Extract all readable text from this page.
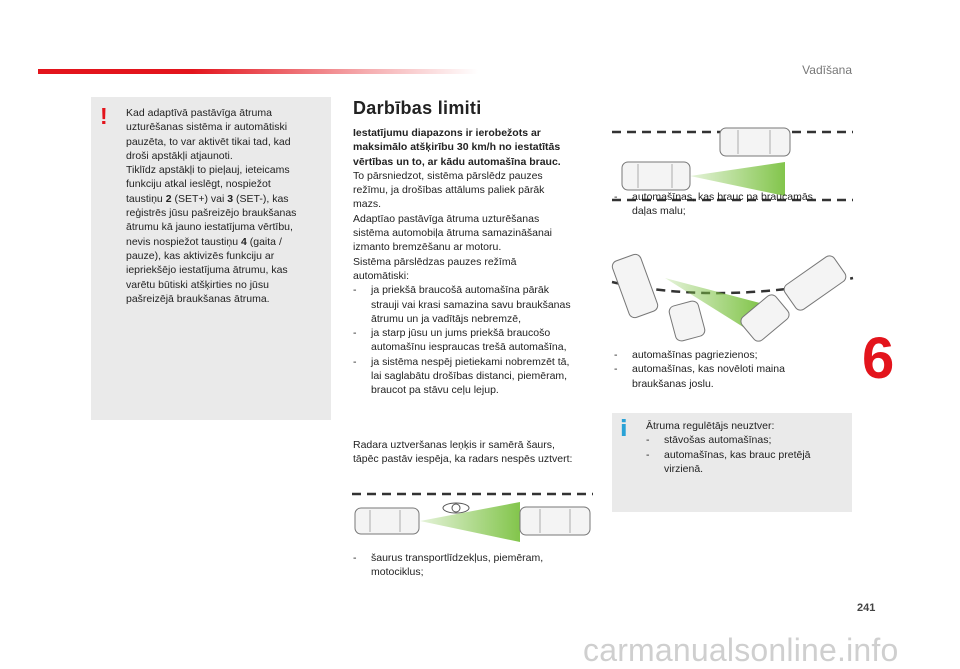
Vadīšana
! Kad adaptīvā pastāvīga ātruma
uzturēšanas sistēma ir automātiski
pauzēta, to var aktivēt tikai tad, kad
droši apstākļi atjaunoti.
Tiklīdz apstākļi to pieļauj, ieteicams
funkciju atkal ieslēgt, nospiežot
taustiņu 2 (SET+) vai 3 (SET-), kas
reģistrēs jūsu pašreizējo braukšanas
ātrumu kā jauno iestatījuma vērtību,
nevis nospiežot taustiņu 4 (gaita /
pauze), kas aktivizēs funkciju ar
iepriekšējo iestatījuma ātrumu, kas
varētu būtiski atšķirties no jūsu
pašreizējā braukšanas ātruma.
Darbības limiti

Iestatījumu diapazons ir ierobežots ar
maksimālo atšķirību 30 km/h no iestatītās
vērtības un to, ar kādu automašīna brauc.

To pārsniedzot, sistēma pārslēdz pauzes
režīmu, ja drošības attālums paliek pārāk
mazs.
Adaptīao pastāvīga ātruma uzturēšanas
sistēma automobiļa ātruma samazināšanai
izmanto bremzēšanu ar motoru.
Sistēma pārslēdzas pauzes režīmā
automātiski:

-	ja priekšā braucošā automašīna pārāk
strauji vai krasi samazina savu braukšanas
ātrumu un ja vadītājs nebremzē,
-	ja starp jūsu un jums priekšā braucošo
automašīnu iespraucas trešā automašīna,
-	ja sistēma nespēj pietiekami nobremzēt tā,
lai saglabātu drošības distanci, piemēram,
braucot pa stāvu ceļu lejup.

Radara uztveršanas leņķis ir samērā šaurs,
tāpēc pastāv iespēja, ka radars nespēs uztvert:

-	šaurus transportlīdzekļus, piemēram,
motociklus;
-	automašīnas, kas brauc pa braucamās
daļas malu;
-	automašīnas pagriezienos;
-	automašīnas, kas novēloti maina
braukšanas joslu.
i Ātruma regulētājs neuztver:

-	stāvošas automašīnas;
-	automašīnas, kas brauc pretējā
virzienā.
6
241
carmanualsonline.info
